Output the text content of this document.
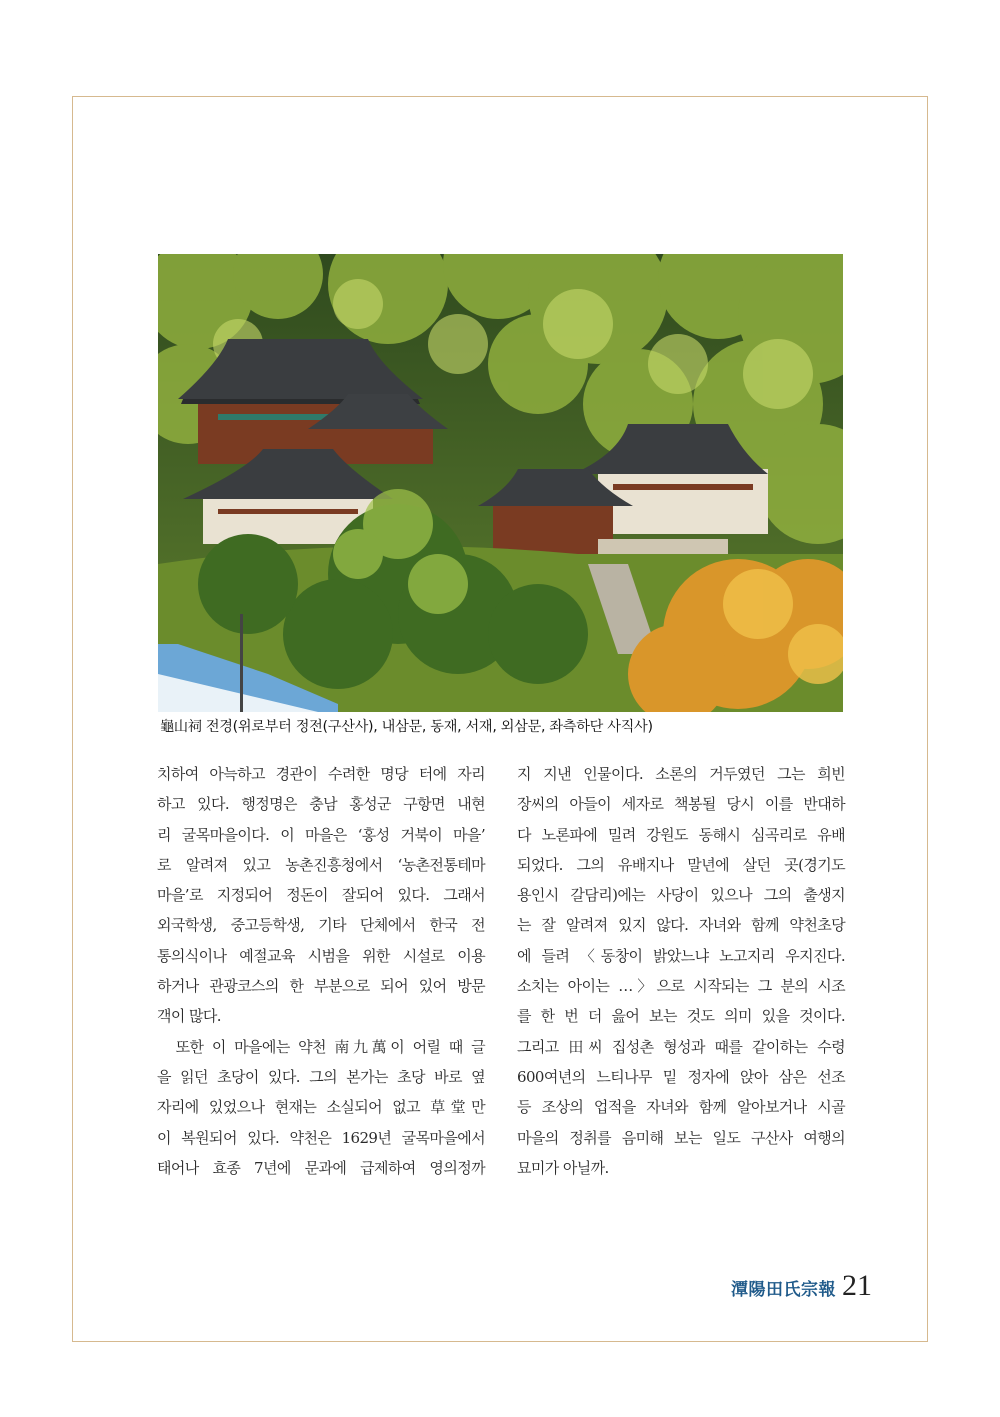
龜山祠 전경(위로부터 정전(구산사), 내삼문, 동재, 서재, 외삼문, 좌측하단 사직사)
치하여 아늑하고 경관이 수려한 명당 터에 자리
하고 있다. 행정명은 충남 홍성군 구항면 내현
리 굴목마을이다. 이 마을은 ‘홍성 거북이 마을’
로 알려져 있고 농촌진흥청에서 ‘농촌전통테마
마을’로 지정되어 정돈이 잘되어 있다. 그래서
외국학생, 중고등학생, 기타 단체에서 한국 전
통의식이나 예절교육 시범을 위한 시설로 이용
하거나 관광코스의 한 부분으로 되어 있어 방문
객이 많다.
　또한 이 마을에는 약천 南九萬이 어릴 때 글
을 읽던 초당이 있다. 그의 본가는 초당 바로 옆
자리에 있었으나 현재는 소실되어 없고 草堂만
이 복원되어 있다. 약천은 1629년 굴목마을에서
태어나 효종 7년에 문과에 급제하여 영의정까
지 지낸 인물이다. 소론의 거두였던 그는 희빈
장씨의 아들이 세자로 책봉될 당시 이를 반대하
다 노론파에 밀려 강원도 동해시 심곡리로 유배
되었다. 그의 유배지나 말년에 살던 곳(경기도
용인시 갈담리)에는 사당이 있으나 그의 출생지
는 잘 알려져 있지 않다. 자녀와 함께 약천초당
에 들려 〈동창이 밝았느냐 노고지리 우지진다.
소치는 아이는 …〉으로 시작되는 그 분의 시조
를 한 번 더 읊어 보는 것도 의미 있을 것이다.
그리고 田씨 집성촌 형성과 때를 같이하는 수령
600여년의 느티나무 밑 정자에 앉아 삼은 선조
등 조상의 업적을 자녀와 함께 알아보거나 시골
마을의 정취를 음미해 보는 일도 구산사 여행의
묘미가 아닐까.
潭陽田氏宗報 21
